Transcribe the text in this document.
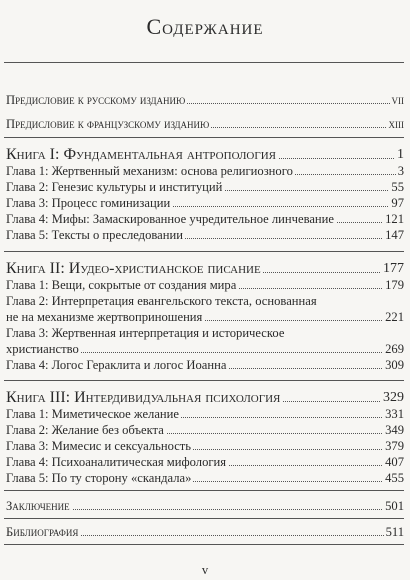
Содержание
Предисловие к русскому изданию	vii
Предисловие к французскому изданию	xiii
Книга I: Фундаментальная антропология	1
Глава 1: Жертвенный механизм: основа религиозного	3
Глава 2: Генезис культуры и институций	55
Глава 3: Процесс гоминизации	97
Глава 4: Мифы: Замаскированное учредительное линчевание	121
Глава 5: Тексты о преследовании	147
Книга II: Иудео-христианское писание	177
Глава 1: Вещи, сокрытые от создания мира	179
Глава 2: Интерпретация евангельского текста, основанная
не на механизме жертвоприношения	221
Глава 3: Жертвенная интерпретация и историческое
христианство	269
Глава 4: Логос Гераклита и логос Иоанна	309
Книга III: Интердивидуальная психология	329
Глава 1: Миметическое желание	331
Глава 2: Желание без объекта	349
Глава 3: Мимесис и сексуальность	379
Глава 4: Психоаналитическая мифология	407
Глава 5: По ту сторону «скандала»	455
Заключение	501
Библиография	511
v
